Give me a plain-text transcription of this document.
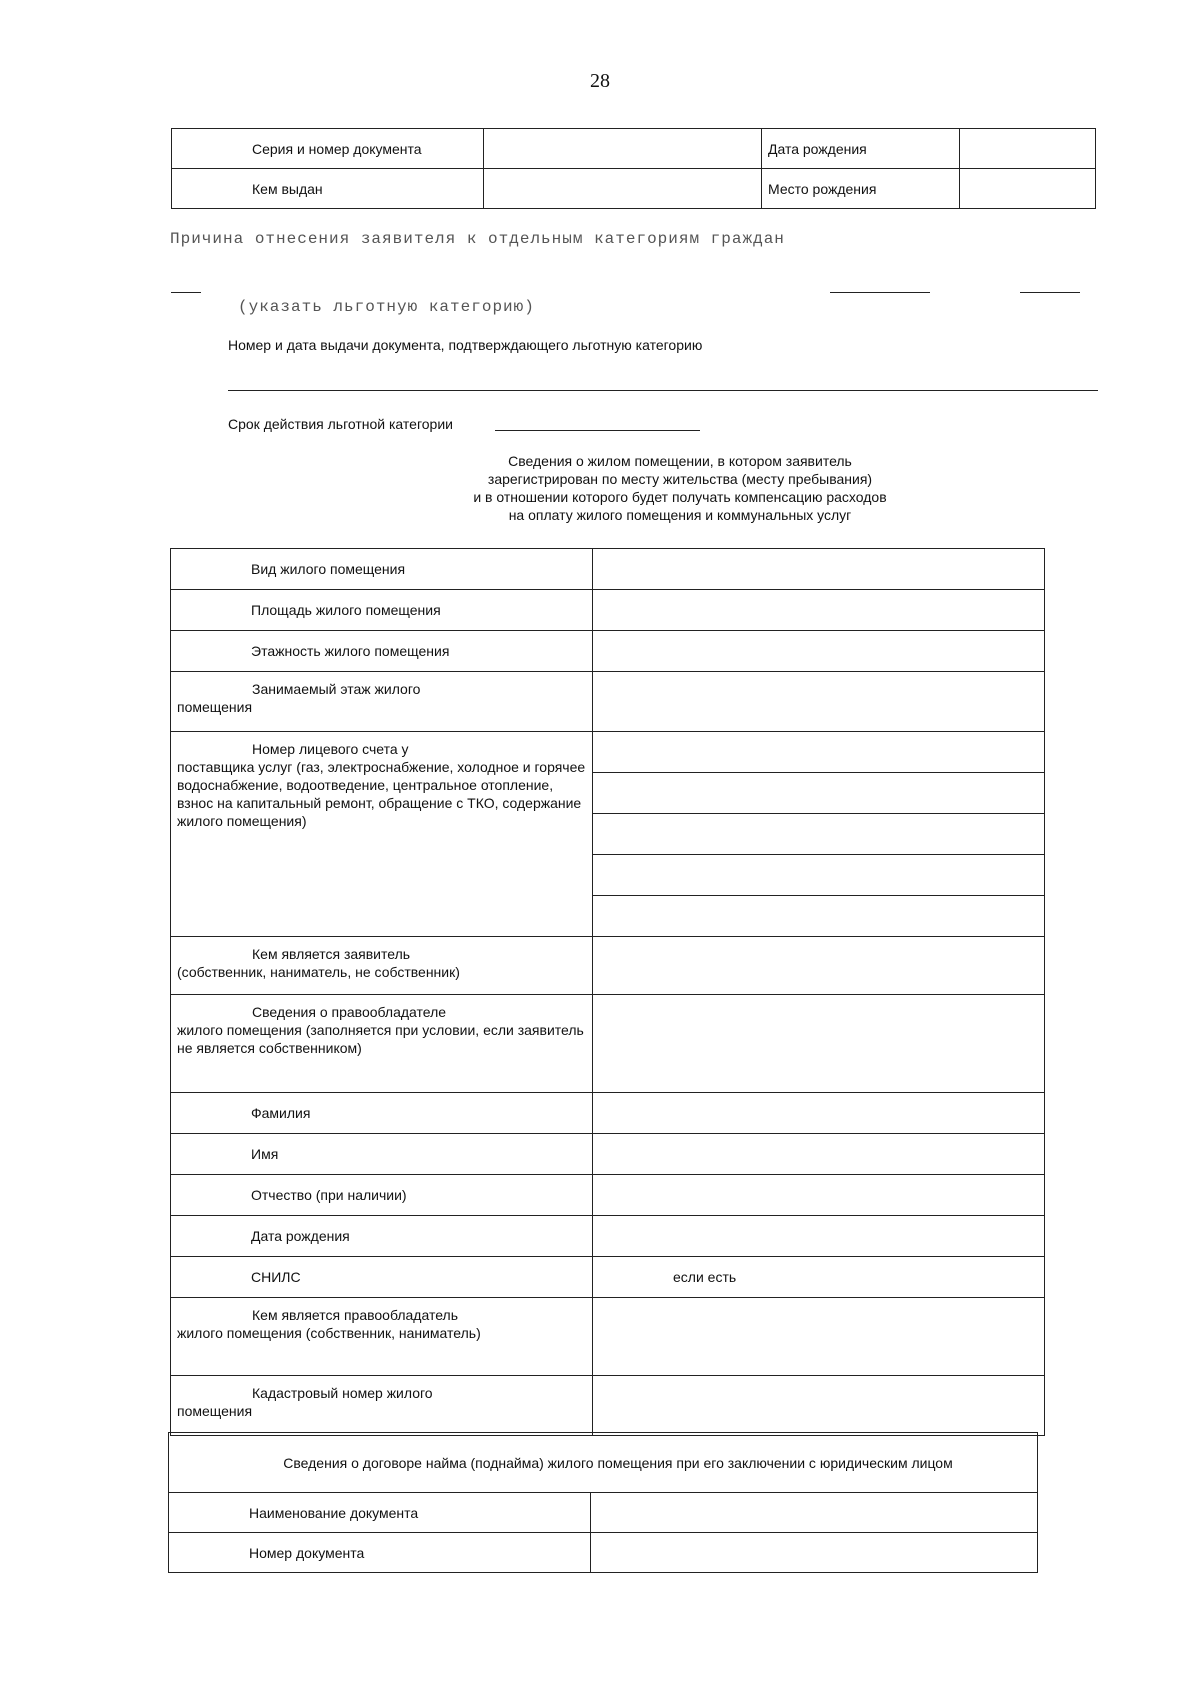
28
Серия и номер документа		Дата рождения	
Кем выдан		Место рождения	
Причина отнесения заявителя к отдельным категориям граждан
(указать льготную категорию)
Номер и дата выдачи документа, подтверждающего льготную категорию
Срок действия льготной категории
Сведения о жилом помещении, в котором заявитель
зарегистрирован по месту жительства (месту пребывания)
и в отношении которого будет получать компенсацию расходов
на оплату жилого помещения и коммунальных услуг
Вид жилого помещения	
Площадь жилого помещения	
Этажность жилого помещения	

Занимаемый этаж жилого
помещения	

Номер лицевого счета у
поставщика услуг (газ, электроснабжение, холодное и горячее водоснабжение, водоотведение, центральное отопление, взнос на капитальный ремонт, обращение с ТКО, содержание жилого помещения)	

Кем является заявитель
(собственник, наниматель, не собственник)	

Сведения о правообладателе
жилого помещения (заполняется при условии, если заявитель не является собственником)	

Фамилия	
Имя	
Отчество (при наличии)	
Дата рождения	
СНИЛС	если есть

Кем является правообладатель
жилого помещения (собственник, наниматель)	

Кадастровый номер жилого
помещения	

Сведения о договоре найма (поднайма) жилого помещения при его заключении с юридическим лицом	
Наименование документа	
Номер документа	
